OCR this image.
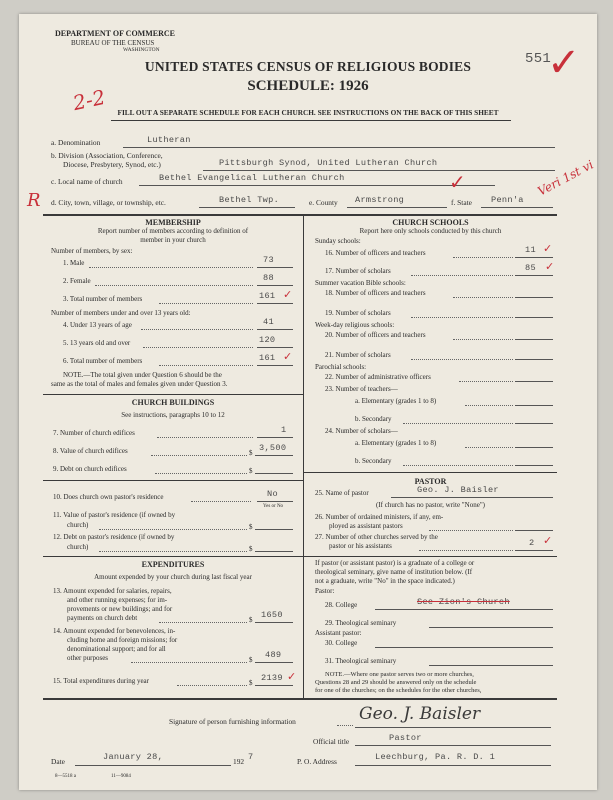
DEPARTMENT OF COMMERCE
BUREAU OF THE CENSUS
WASHINGTON
551
✓
UNITED STATES CENSUS OF RELIGIOUS BODIES
SCHEDULE: 1926
2-2	FILL OUT A SEPARATE SCHEDULE FOR EACH CHURCH. SEE INSTRUCTIONS ON THE BACK OF THIS SHEET
a. Denomination	Lutheran
b. Division (Association, Conference,
Diocese, Presbytery, Synod, etc.)	Pittsburgh Synod, United Lutheran Church
c. Local name of church	Bethel Evangelical Lutheran Church	✓
R d. City, town, village, or township, etc.	Bethel Twp.	e. County Armstrong	f. State Penn'a
Veri 1st vi
MEMBERSHIP
Report number of members according to definition of
member in your church
Number of members, by sex:
1. Male	73
2. Female	88
3. Total number of members	161 ✓
Number of members under and over 13 years old:
4. Under 13 years of age	41
5. 13 years old and over	120
6. Total number of members	161 ✓
NOTE.—The total given under Question 6 should be the
same as the total of males and females given under Question 3.
CHURCH BUILDINGS
See instructions, paragraphs 10 to 12
7. Number of church edifices	1
8. Value of church edifices	$ 3,500
9. Debt on church edifices	$
10. Does church own pastor's residence	No
Yes or No
11. Value of pastor's residence (if owned by
church)	$
12. Debt on pastor's residence (if owned by
church)	$
EXPENDITURES
Amount expended by your church during last fiscal year
13. Amount expended for salaries, repairs,
and other running expenses; for im-
provements or new buildings; and for
payments on church debt	$ 1650
14. Amount expended for benevolences, in-
cluding home and foreign missions; for
denominational support; and for all
other purposes	$ 489
15. Total expenditures during year	$ 2139 ✓
CHURCH SCHOOLS
Report here only schools conducted by this church
Sunday schools:
16. Number of officers and teachers	11 ✓
17. Number of scholars	85 ✓
Summer vacation Bible schools:
18. Number of officers and teachers
19. Number of scholars
Week-day religious schools:
20. Number of officers and teachers
21. Number of scholars
Parochial schools:
22. Number of administrative officers
23. Number of teachers—
a. Elementary (grades 1 to 8)
b. Secondary
24. Number of scholars—
a. Elementary (grades 1 to 8)
b. Secondary
PASTOR
25. Name of pastor	Geo. J. Baisler
(If church has no pastor, write "None")
26. Number of ordained ministers, if any, em-
ployed as assistant pastors
27. Number of other churches served by the
pastor or his assistants	2 ✓
If pastor (or assistant pastor) is a graduate of a college or
theological seminary, give name of institution below. (If
not a graduate, write "No" in the space indicated.)
Pastor:
28. College	See Zion's Church
29. Theological seminary
Assistant pastor:
30. College
31. Theological seminary
NOTE.—Where one pastor serves two or more churches,
Questions 28 and 29 should be answered only on the schedule
for one of the churches; on the schedules for the other churches,
Signature of person furnishing information	Geo. J. Baisler
Official title	Pastor
Date	January 28,	192 7	P. O. Address	Leechburg, Pa. R. D. 1
8—5518 a	11—9084
